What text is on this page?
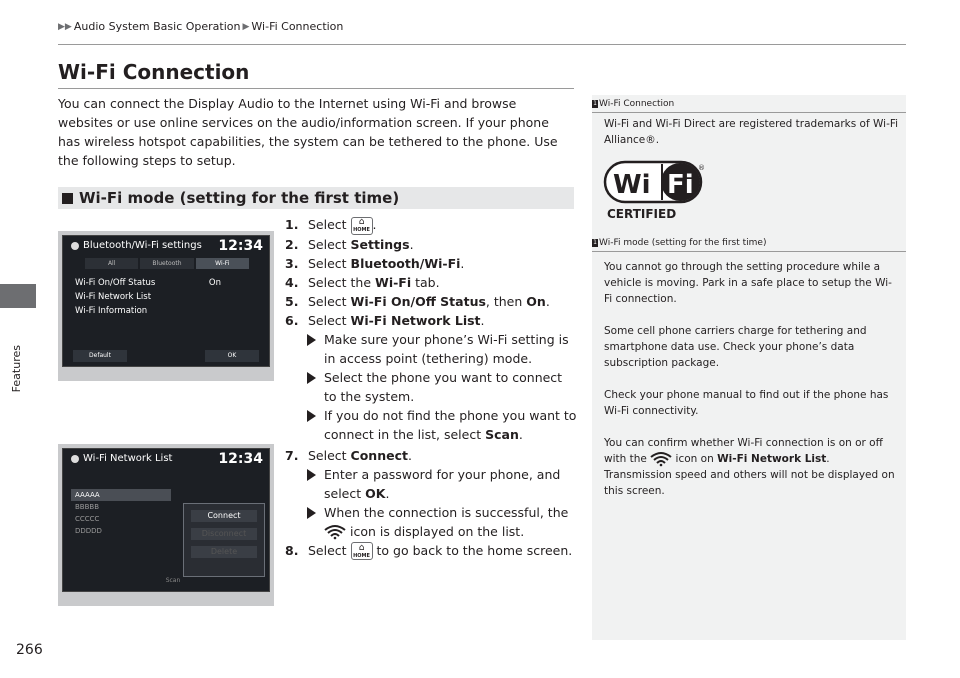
▶▶ Audio System Basic Operation ▶ Wi-Fi Connection
Features
266
Wi-Fi Connection
You can connect the Display Audio to the Internet using Wi-Fi and browse websites or use online services on the audio/information screen. If your phone has wireless hotspot capabilities, the system can be tethered to the phone. Use the following steps to setup.
Wi-Fi mode (setting for the first time)
Bluetooth/Wi-Fi settings 12:34
All	Bluetooth	Wi-Fi
Wi-Fi On/Off Status	On
Wi-Fi Network List
Wi-Fi Information
Default	OK
Wi-Fi Network List	12:34
AAAAA
BBBBB
CCCCC
DDDDD
Connect
Disconnect
Delete
Scan
1. Select ⌂
HOME .
2. Select Settings.
3. Select Bluetooth/Wi-Fi.
4. Select the Wi-Fi tab.
5. Select Wi-Fi On/Off Status, then On.
6. Select Wi-Fi Network List.
Make sure your phone’s Wi-Fi setting is in access point (tethering) mode.
Select the phone you want to connect to the system.
If you do not find the phone you want to connect in the list, select Scan.
7. Select Connect.
Enter a password for your phone, and select OK.
When the connection is successful, the  icon is displayed on the list.
8. Select ⌂
HOME to go back to the home screen.
1 Wi-Fi Connection
Wi-Fi and Wi-Fi Direct are registered trademarks of Wi-Fi Alliance®.
Wi Fi
®
CERTIFIED
1 Wi-Fi mode (setting for the first time)

You cannot go through the setting procedure while a vehicle is moving. Park in a safe place to setup the Wi-Fi connection.

Some cell phone carriers charge for tethering and smartphone data use. Check your phone’s data subscription package.

Check your phone manual to find out if the phone has Wi-Fi connectivity.

You can confirm whether Wi-Fi connection is on or off with the	icon on Wi-Fi Network List. Transmission speed and others will not be displayed on this screen.
